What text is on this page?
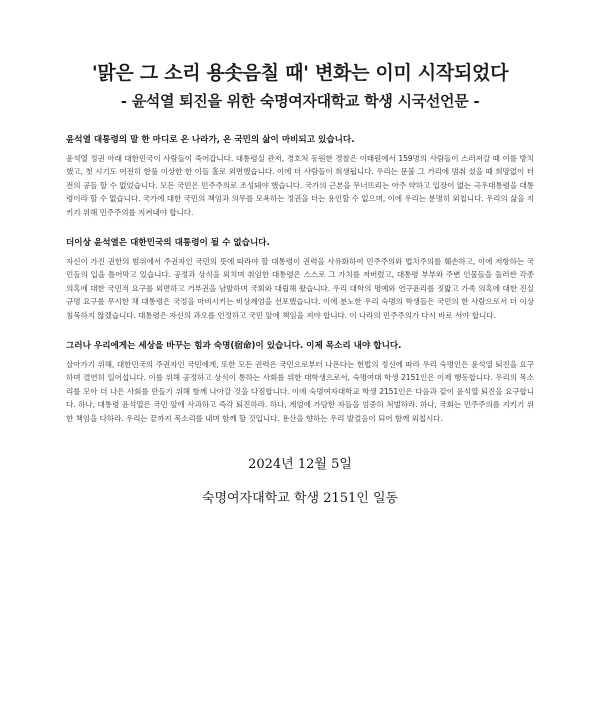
'맑은 그 소리 용솟음칠 때' 변화는 이미 시작되었다
- 윤석열 퇴진을 위한 숙명여자대학교 학생 시국선언문 -

윤석열 대통령의 말 한 마디로 온 나라가, 온 국민의 삶이 마비되고 있습니다.

윤석열 정권 아래 대한민국이 사람들이 죽어갑니다. 대통령실 관저, 경호처 동원한 경찰은 이태원에서 159명의 사람들이 스러져갈 때 이를 방치했고, 첫 시기도 여전히 한풀 이상한 한 이들 홀로 외면했습니다. 이에 더 사람들이 희생됩니다. 우리는 문불 그 거리에 멈춰 섰을 때 희망없이 터전의 공들 할 수 없었습니다. 모든 국민은 민주주의로 조성돼야 했습니다. 국가의 근본을 무너뜨리는 아주 약하고 입장이 없는 극우대통령을 대통령이라 할 수 없습니다. 국가에 대한 국민의 책임과 의무를 모욕하는 정권을 더는 용인할 수 없으며, 이에 우리는 분명히 외칩니다. 우리의 삶을 지키기 위해 민주주의를 지켜내야 합니다.

더이상 윤석열은 대한민국의 대통령이 될 수 없습니다.

자신이 가진 권한의 범위에서 주권자인 국민의 뜻에 따라야 할 대통령이 권력을 사유화하여 민주주의와 법치주의를 훼손하고, 이에 저항하는 국민들의 입을 틀어막고 있습니다. 공정과 상식을 외치며 취임한 대통령은 스스로 그 가치를 저버렸고, 대통령 부부와 주변 인물들을 둘러싼 각종 의혹에 대한 국민적 요구를 외면하고 거부권을 남발하며 국회와 대립해 왔습니다. 우리 대학의 명예와 연구윤리를 짓밟고 가족 의혹에 대한 진실 규명 요구를 무시한 채 대통령은 국정을 마비시키는 비상계엄을 선포했습니다. 이에 분노한 우리 숙명의 학생들은 국민의 한 사람으로서 더 이상 침묵하지 않겠습니다. 대통령은 자신의 과오를 인정하고 국민 앞에 책임을 져야 합니다. 이 나라의 민주주의가 다시 바로 서야 합니다.

그러나 우리에게는 세상을 바꾸는 힘과 숙명(宿命)이 있습니다. 이제 목소리 내야 합니다.

살아가기 위해, 대한민국의 주권자인 국민에게, 또한 모든 권력은 국민으로부터 나온다는 헌법의 정신에 따라 우리 숙명인은 윤석열 퇴진을 요구하며 결연히 일어섭니다. 이를 위해 공정하고 상식이 통하는 사회를 위한 대학생으로서, 숙명여대 학생 2151인은 이제 행동합니다. 우리의 목소리를 모아 더 나은 사회를 만들기 위해 함께 나아갈 것을 다짐합니다. 이에 숙명여자대학교 학생 2151인은 다음과 같이 윤석열 퇴진을 요구합니다. 하나, 대통령 윤석열은 국민 앞에 사과하고 즉각 퇴진하라. 하나, 계엄에 가담한 자들을 엄중히 처벌하라. 하나, 국회는 민주주의를 지키기 위한 책임을 다하라. 우리는 끝까지 목소리를 내며 함께 할 것입니다. 용산을 향하는 우리 발걸음이 되어 함께 외칩시다.

2024년 12월 5일

숙명여자대학교 학생 2151인 일동
